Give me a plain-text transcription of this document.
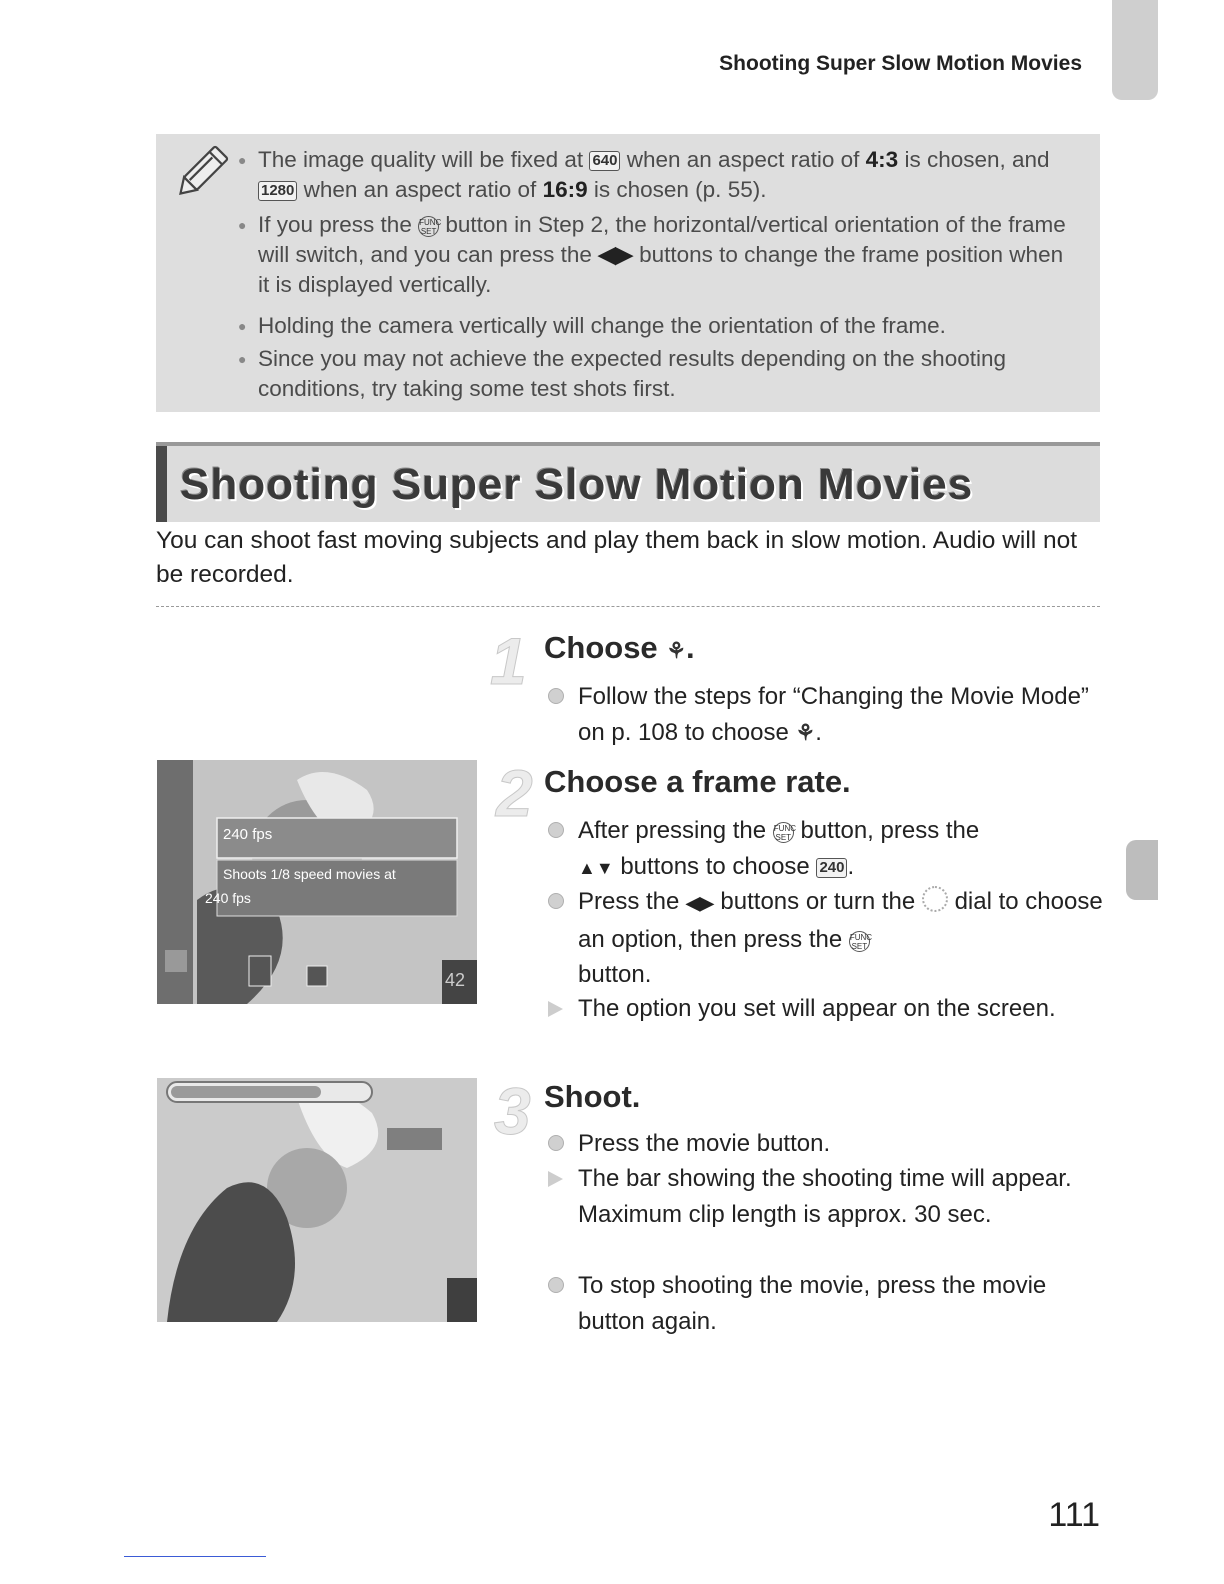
Shooting Super Slow Motion Movies
● The image quality will be fixed at 640 when an aspect ratio of 4:3 is chosen, and 1280 when an aspect ratio of 16:9 is chosen (p. 55).
● If you press the FUNC
SET button in Step 2, the horizontal/vertical orientation of the frame will switch, and you can press the ◀▶ buttons to change the frame position when it is displayed vertically.
● Holding the camera vertically will change the orientation of the frame.
● Since you may not achieve the expected results depending on the shooting conditions, try taking some test shots first.
Shooting Super Slow Motion Movies
You can shoot fast moving subjects and play them back in slow motion. Audio will not be recorded.
1 Choose ⚘.
Follow the steps for “Changing the Movie Mode” on p. 108 to choose ⚘.
240 fps
Shoots 1/8 speed movies at
240 fps
42
2 Choose a frame rate.
After pressing the FUNC
SET button, press the
▲▼ buttons to choose 240 .
Press the ◀▶ buttons or turn the dial to choose an option, then press the FUNC
SET
button.
The option you set will appear on the screen.
3 Shoot.
Press the movie button.
The bar showing the shooting time will appear. Maximum clip length is approx. 30 sec.
To stop shooting the movie, press the movie button again.
111
